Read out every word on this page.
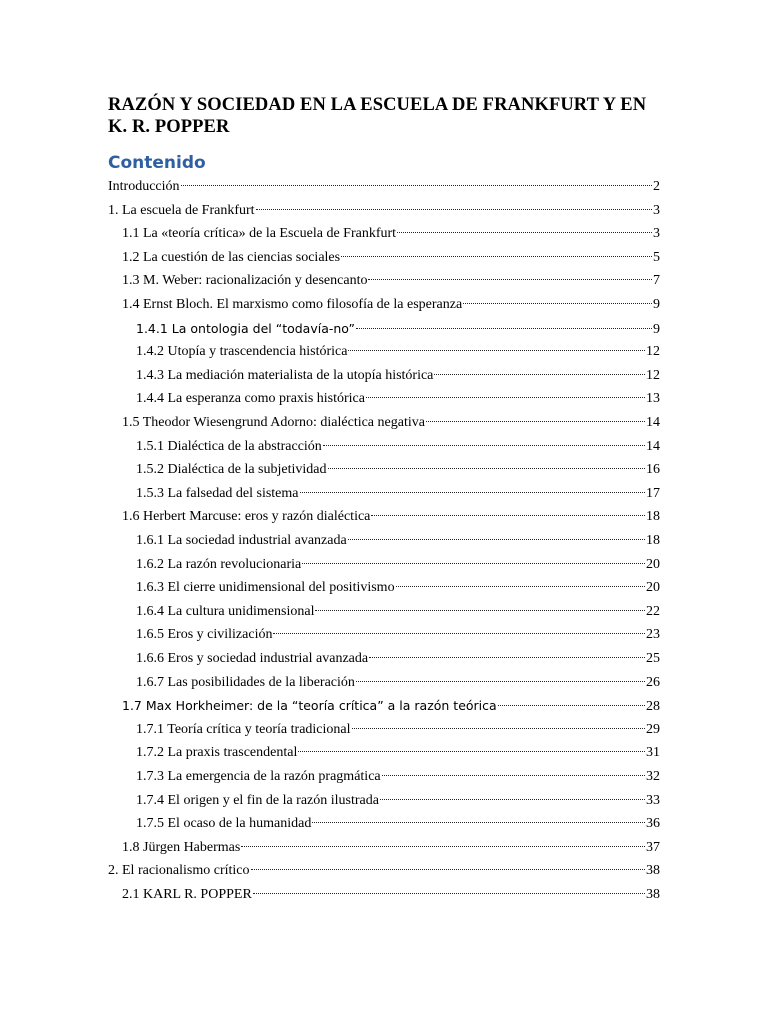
RAZÓN Y SOCIEDAD EN LA ESCUELA DE FRANKFURT Y EN K. R. POPPER
Contenido
Introducción	2
1. La escuela de Frankfurt	3
1.1 La «teoría crítica» de la Escuela de Frankfurt	3
1.2 La cuestión de las ciencias sociales	5
1.3 M. Weber: racionalización y desencanto	7
1.4 Ernst Bloch. El marxismo como filosofía de la esperanza	9
1.4.1 La ontologia del “todavía-no”	9
1.4.2 Utopía y trascendencia histórica	12
1.4.3 La mediación materialista de la utopía histórica	12
1.4.4 La esperanza como praxis histórica	13
1.5 Theodor Wiesengrund Adorno: dialéctica negativa	14
1.5.1 Dialéctica de la abstracción	14
1.5.2 Dialéctica de la subjetividad	16
1.5.3 La falsedad del sistema	17
1.6 Herbert Marcuse: eros y razón dialéctica	18
1.6.1 La sociedad industrial avanzada	18
1.6.2 La razón revolucionaria	20
1.6.3 El cierre unidimensional del positivismo	20
1.6.4 La cultura unidimensional	22
1.6.5 Eros y civilización	23
1.6.6 Eros y sociedad industrial avanzada	25
1.6.7 Las posibilidades de la liberación	26
1.7 Max Horkheimer: de la “teoría crítica” a la razón teórica	28
1.7.1 Teoría crítica y teoría tradicional	29
1.7.2 La praxis trascendental	31
1.7.3 La emergencia de la razón pragmática	32
1.7.4 El origen y el fin de la razón ilustrada	33
1.7.5 El ocaso de la humanidad	36
1.8 Jürgen Habermas	37
2. El racionalismo crítico	38
2.1 KARL R. POPPER	38
